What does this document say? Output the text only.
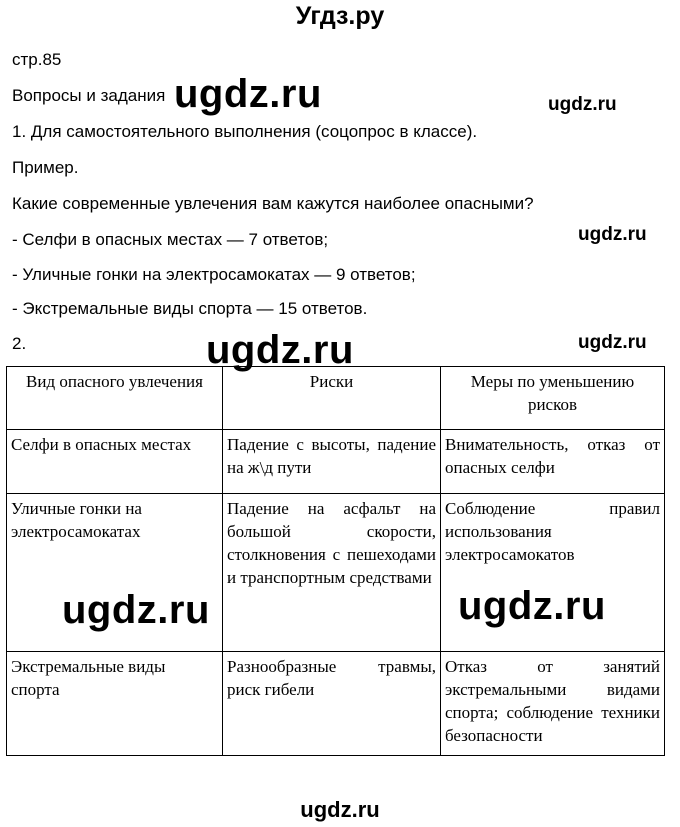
Угдз.ру
стр.85
Вопросы и задания
1. Для самостоятельного выполнения (соцопрос в классе).
Пример.
Какие современные увлечения вам кажутся наиболее опасными?
- Селфи в опасных местах — 7 ответов;
- Уличные гонки на электросамокатах — 9 ответов;
- Экстремальные виды спорта — 15 ответов.
2.
Вид опасного увлечения	Риски	Меры по уменьшению рисков
Селфи в опасных местах	Падение с высоты, падение на ж\д пути	Внимательность, отказ от опасных селфи
Уличные гонки на электросамокатах	Падение на асфальт на большой скорости, столкновения с пешеходами и транспортным средствами	Соблюдение правил использования электросамокатов
Экстремальные виды спорта	Разнообразные травмы, риск гибели	Отказ от занятий экстремальными видами спорта; соблюдение техники безопасности
ugdz.ru	ugdz.ru
ugdz.ru
ugdz.ru	ugdz.ru
ugdz.ru	ugdz.ru
ugdz.ru
